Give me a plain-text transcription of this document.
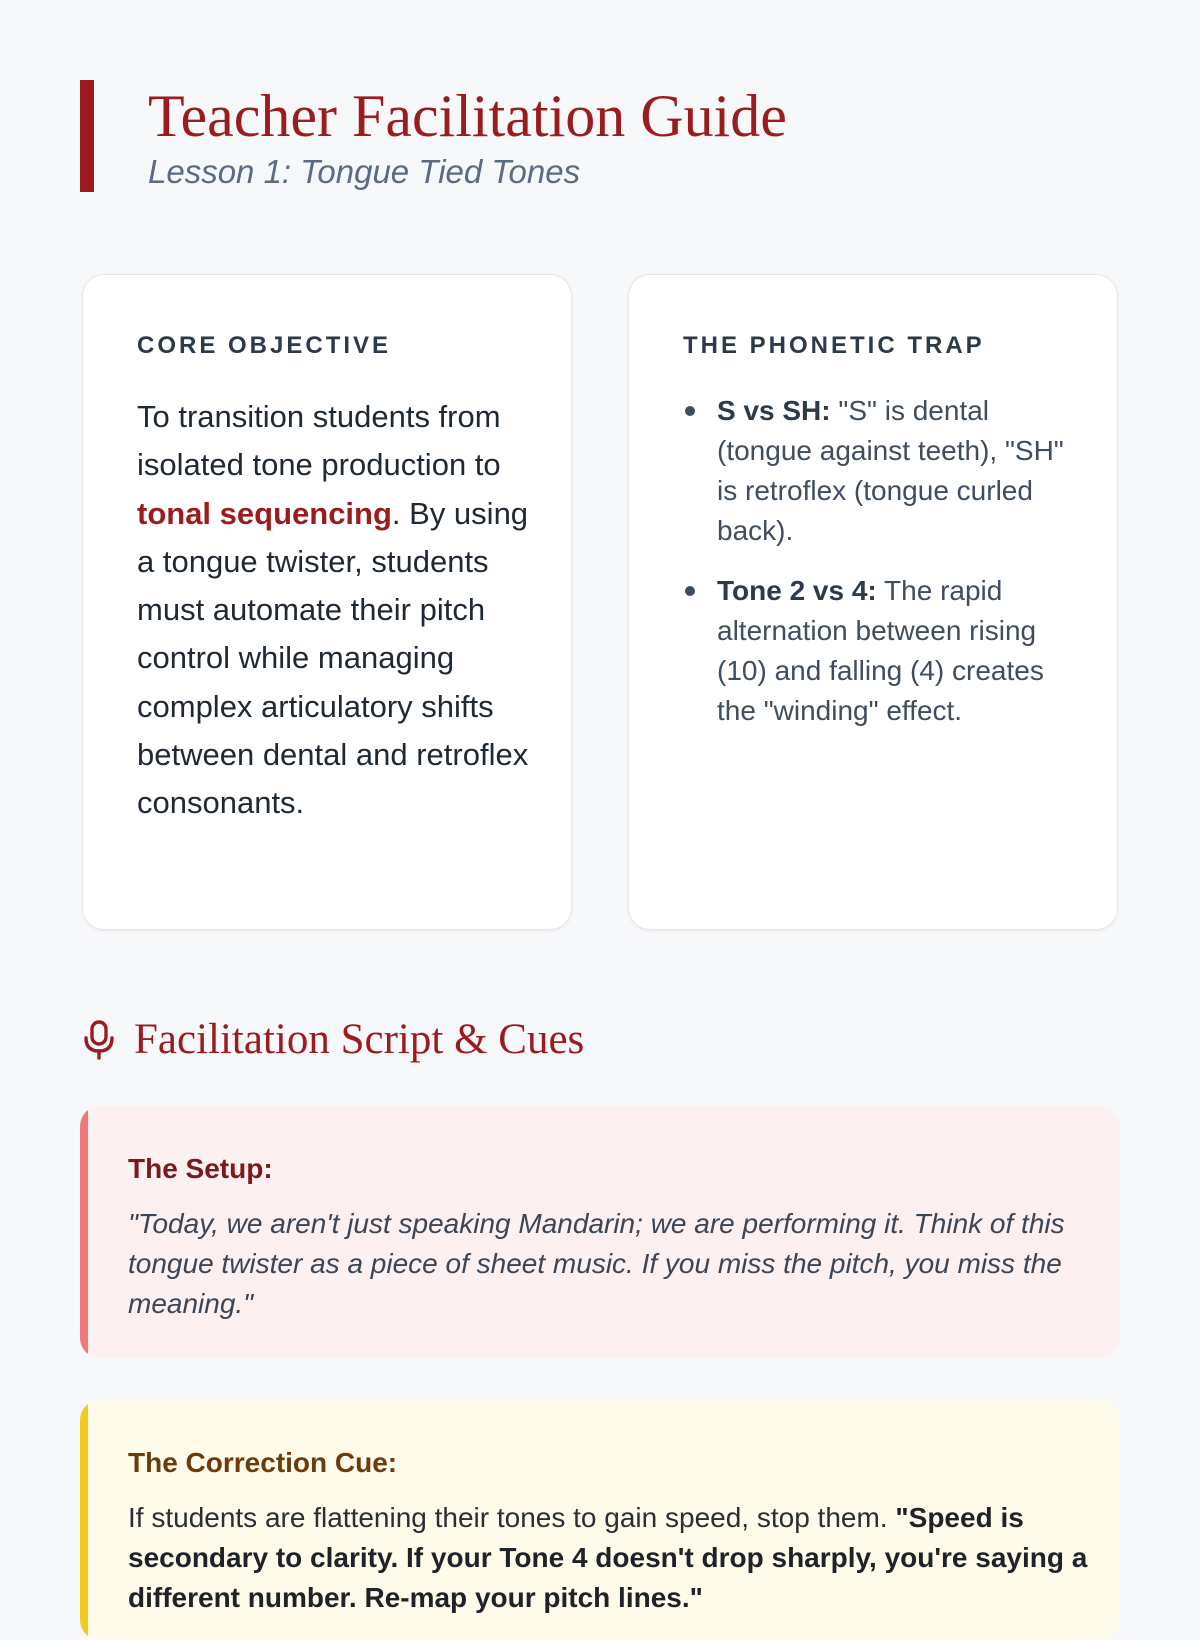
Teacher Facilitation Guide

Lesson 1: Tongue Tied Tones

CORE OBJECTIVE

To transition students from isolated tone production to tonal sequencing. By using a tongue twister, students must automate their pitch control while managing complex articulatory shifts between dental and retroflex consonants.

THE PHONETIC TRAP
S vs SH: "S" is dental (tongue against teeth), "SH" is retroflex (tongue curled back).
Tone 2 vs 4: The rapid alternation between rising (10) and falling (4) creates the "winding" effect.
Facilitation Script & Cues
The Setup:

"Today, we aren't just speaking Mandarin; we are performing it. Think of this tongue twister as a piece of sheet music. If you miss the pitch, you miss the meaning."

The Correction Cue:

If students are flattening their tones to gain speed, stop them. "Speed is secondary to clarity. If your Tone 4 doesn't drop sharply, you're saying a different number. Re-map your pitch lines."
